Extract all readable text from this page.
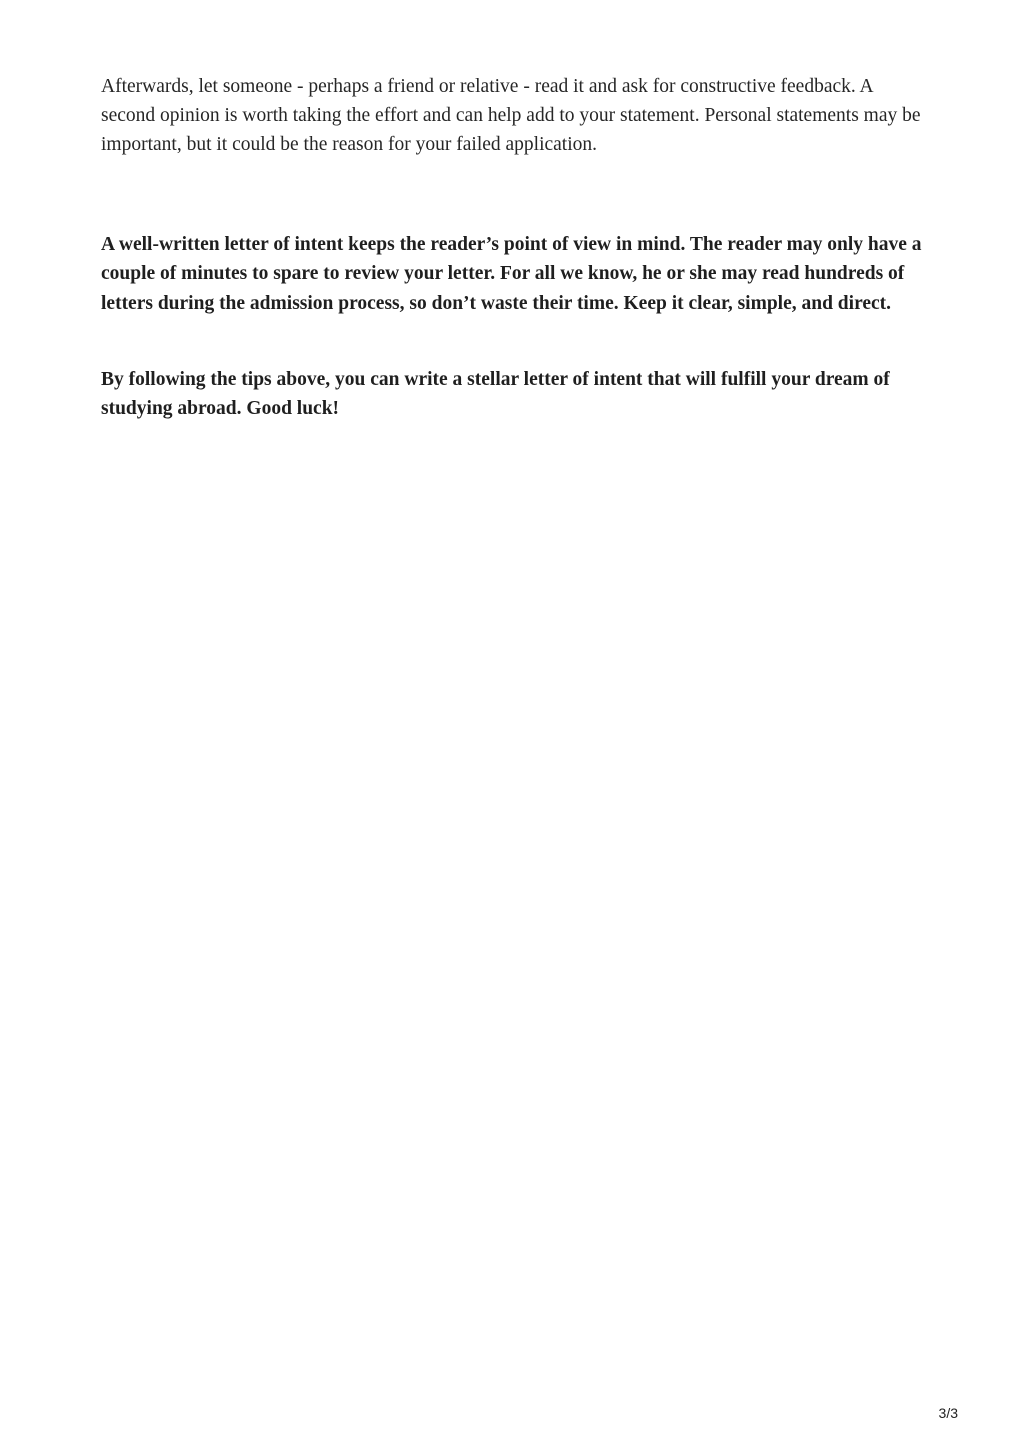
Afterwards, let someone - perhaps a friend or relative - read it and ask for constructive feedback. A second opinion is worth taking the effort and can help add to your statement. Personal statements may be important, but it could be the reason for your failed application.

A well-written letter of intent keeps the reader’s point of view in mind. The reader may only have a couple of minutes to spare to review your letter. For all we know, he or she may read hundreds of letters during the admission process, so don’t waste their time. Keep it clear, simple, and direct.

By following the tips above, you can write a stellar letter of intent that will fulfill your dream of studying abroad. Good luck!

3/3
